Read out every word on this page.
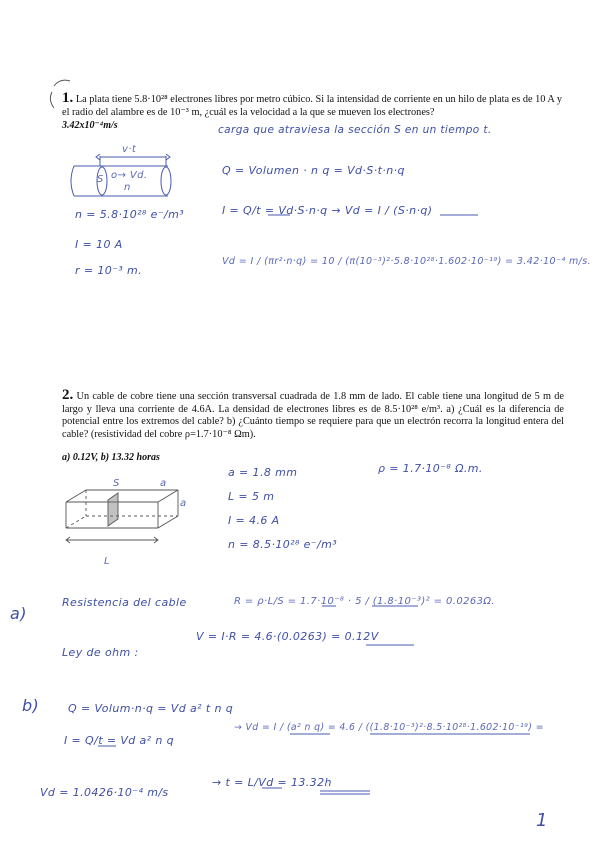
1. La plata tiene 5.8·10²⁸ electrones libres por metro cúbico. Si la intensidad de corriente en un hilo de plata es de 10 A y el radio del alambre es de 10⁻³ m, ¿cuál es la velocidad a la que se mueven los electrones?
3.42x10⁻⁴m/s
v·t
S o→ Vd.
n
carga que atraviesa la sección S en un tiempo t.
Q = Volumen · n q = Vd·S·t·n·q
I = Q/t = Vd·S·n·q → Vd = I / (S·n·q)
n = 5.8·10²⁸ e⁻/m³
I = 10 A
r = 10⁻³ m.
Vd = I / (πr²·n·q) = 10 / (π(10⁻³)²·5.8·10²⁸·1.602·10⁻¹⁹) = 3.42·10⁻⁴ m/s.
2. Un cable de cobre tiene una sección transversal cuadrada de 1.8 mm de lado. El cable tiene una longitud de 5 m de largo y lleva una corriente de 4.6A. La densidad de electrones libres es de 8.5·10²⁸ e/m³. a) ¿Cuál es la diferencia de potencial entre los extremos del cable? b) ¿Cuánto tiempo se requiere para que un electrón recorra la longitud entera del cable? (resistividad del cobre ρ=1.7·10⁻⁸ Ωm).
a) 0.12V, b) 13.32 horas
a = 1.8 mm	ρ = 1.7·10⁻⁸ Ω.m.
L = 5 m
I = 4.6 A
n = 8.5·10²⁸ e⁻/m³
S	a
a
L
a)
Resistencia del cable	R = ρ·L/S = 1.7·10⁻⁸ · 5 / (1.8·10⁻³)² = 0.0263Ω.
Ley de ohm :
V = I·R = 4.6·(0.0263) = 0.12V
b)	Q = Volum·n·q = Vd a² t n q
I = Q/t = Vd a² n q
→ Vd = I / (a² n q) = 4.6 / ((1.8·10⁻³)²·8.5·10²⁸·1.602·10⁻¹⁹) =
Vd = 1.0426·10⁻⁴ m/s
→ t = L/Vd = 13.32h
1
